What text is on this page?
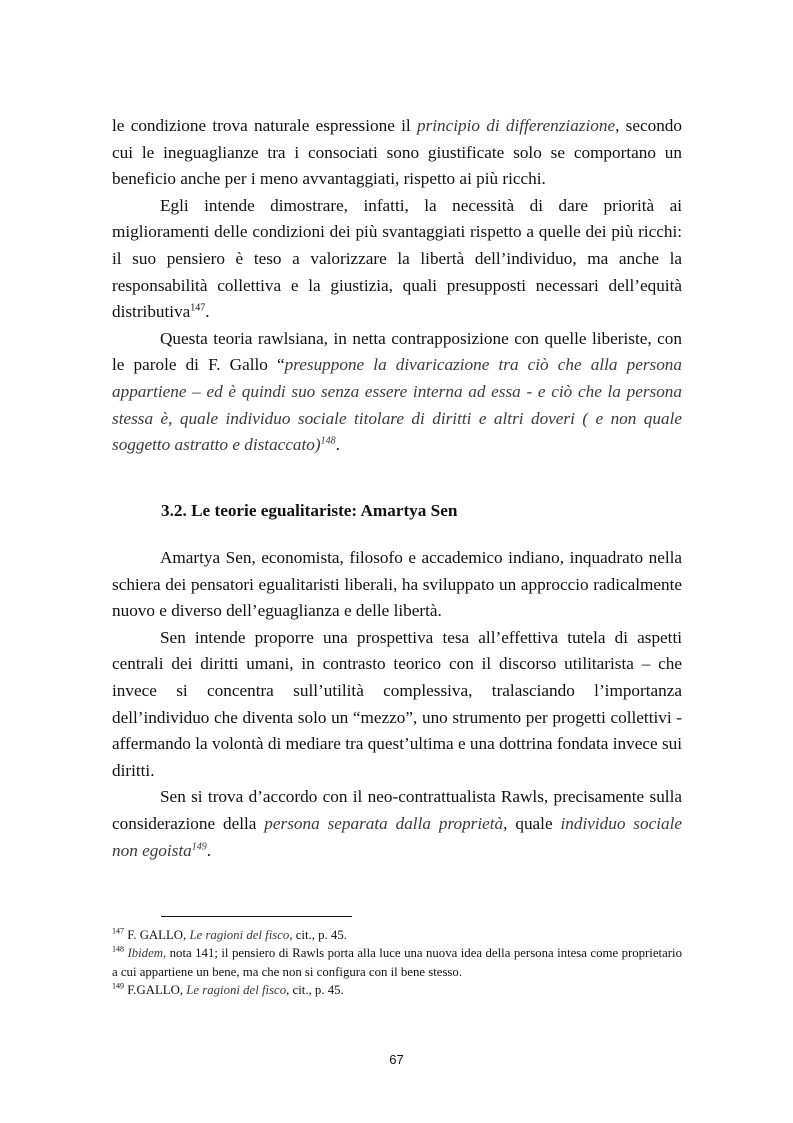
le condizione trova naturale espressione il principio di differenziazione, secondo cui le ineguaglianze tra i consociati sono giustificate solo se comportano un beneficio anche per i meno avvantaggiati, rispetto ai più ricchi.

Egli intende dimostrare, infatti, la necessità di dare priorità ai miglioramenti delle condizioni dei più svantaggiati rispetto a quelle dei più ricchi: il suo pensiero è teso a valorizzare la libertà dell’individuo, ma anche la responsabilità collettiva e la giustizia, quali presupposti necessari dell’equità distributiva$^{147}$.

Questa teoria rawlsiana, in netta contrapposizione con quelle liberiste, con le parole di F. Gallo “presuppone la divaricazione tra ciò che alla persona appartiene – ed è quindi suo senza essere interna ad essa - e ciò che la persona stessa è, quale individuo sociale titolare di diritti e altri doveri ( e non quale soggetto astratto e distaccato)$^{148}$.

3.2. Le teorie egualitariste: Amartya Sen

Amartya Sen, economista, filosofo e accademico indiano, inquadrato nella schiera dei pensatori egualitaristi liberali, ha sviluppato un approccio radicalmente nuovo e diverso dell’eguaglianza e delle libertà.

Sen intende proporre una prospettiva tesa all’effettiva tutela di aspetti centrali dei diritti umani, in contrasto teorico con il discorso utilitarista – che invece si concentra sull’utilità complessiva, tralasciando l’importanza dell’individuo che diventa solo un “mezzo”, uno strumento per progetti collettivi - affermando la volontà di mediare tra quest’ultima e una dottrina fondata invece sui diritti.

Sen si trova d’accordo con il neo-contrattualista Rawls, precisamente sulla considerazione della persona separata dalla proprietà, quale individuo sociale non egoista$^{149}$.

$^{147}$ F. GALLO, Le ragioni del fisco, cit., p. 45.

$^{148}$ Ibidem, nota 141; il pensiero di Rawls porta alla luce una nuova idea della persona intesa come proprietario a cui appartiene un bene, ma che non si configura con il bene stesso.

$^{149}$ F.GALLO, Le ragioni del fisco, cit., p. 45.

67
